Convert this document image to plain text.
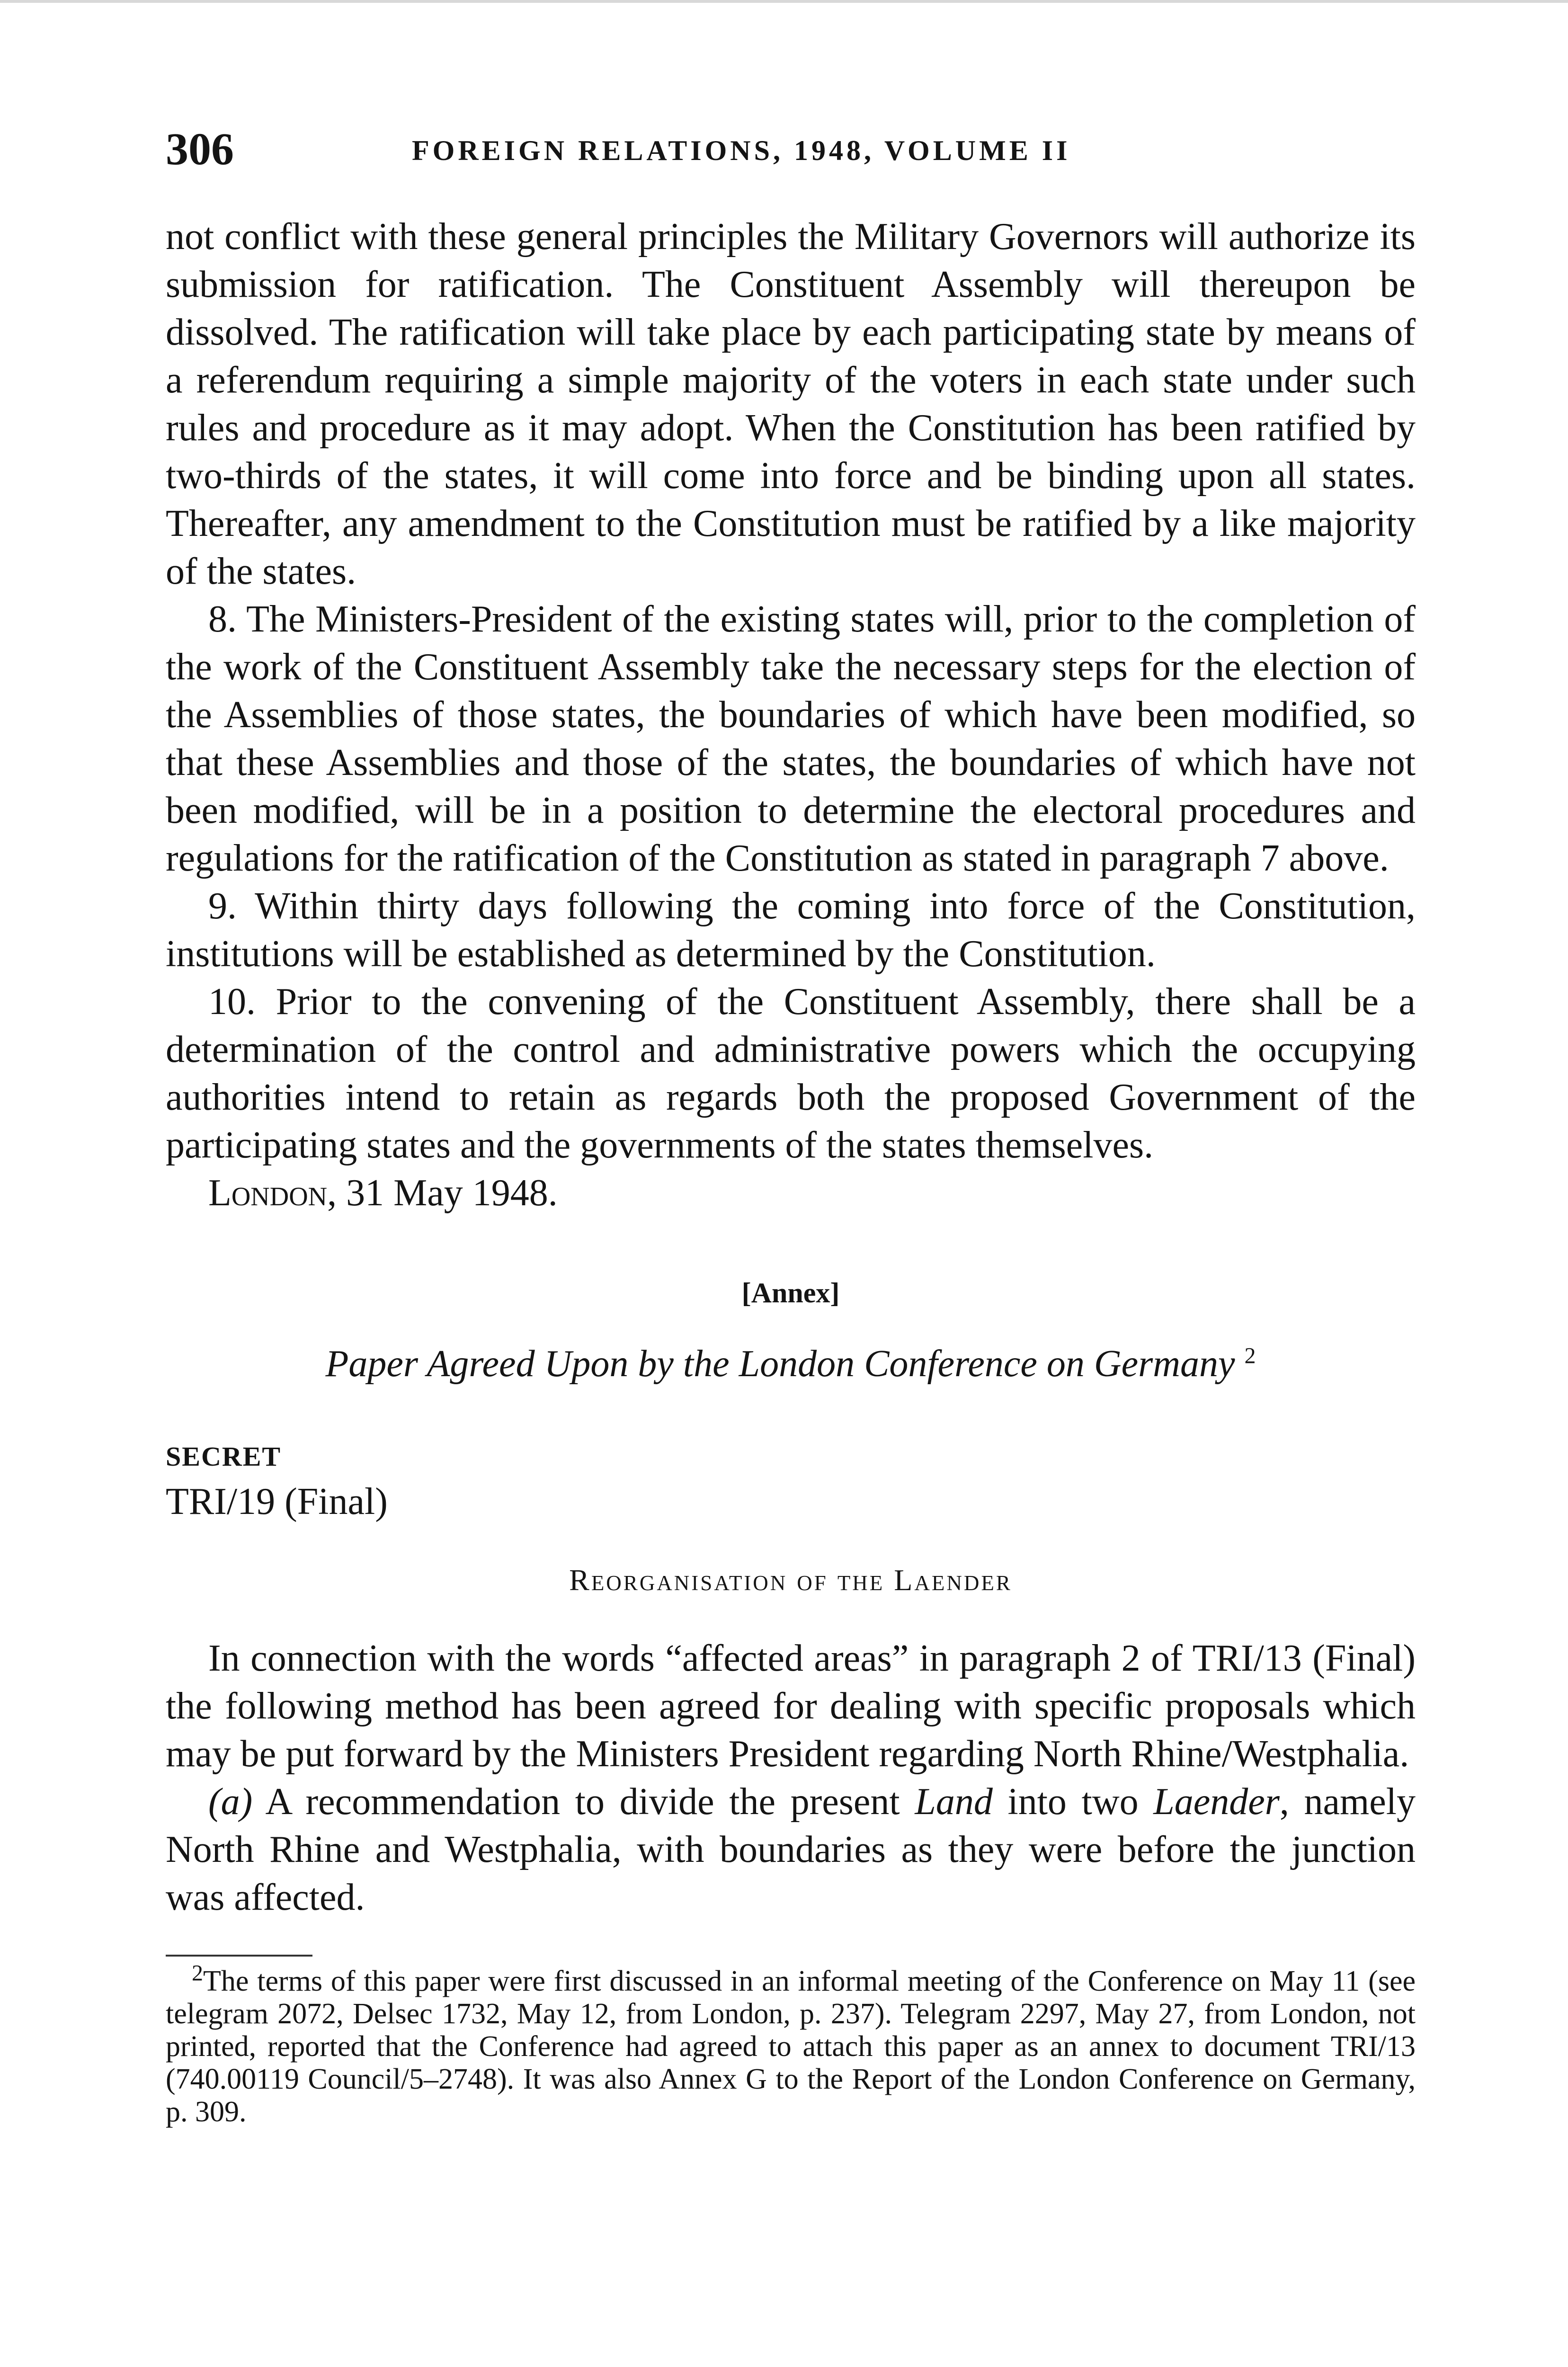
306	FOREIGN RELATIONS, 1948, VOLUME II

not conflict with these general principles the Military Governors will authorize its submission for ratification. The Constituent Assembly will thereupon be dissolved. The ratification will take place by each participating state by means of a referendum requiring a simple majority of the voters in each state under such rules and procedure as it may adopt. When the Constitution has been ratified by two-thirds of the states, it will come into force and be binding upon all states. Thereafter, any amendment to the Constitution must be ratified by a like majority of the states.

8. The Ministers-President of the existing states will, prior to the completion of the work of the Constituent Assembly take the necessary steps for the election of the Assemblies of those states, the boundaries of which have been modified, so that these Assemblies and those of the states, the boundaries of which have not been modified, will be in a position to determine the electoral procedures and regulations for the ratification of the Constitution as stated in paragraph 7 above.

9. Within thirty days following the coming into force of the Constitution, institutions will be established as determined by the Constitution.

10. Prior to the convening of the Constituent Assembly, there shall be a determination of the control and administrative powers which the occupying authorities intend to retain as regards both the proposed Government of the participating states and the governments of the states themselves.

London, 31 May 1948.
[Annex]
Paper Agreed Upon by the London Conference on Germany $^2$
SECRET
TRI/19 (Final)
Reorganisation of the Laender

In connection with the words “affected areas” in paragraph 2 of TRI/13 (Final) the following method has been agreed for dealing with specific proposals which may be put forward by the Ministers President regarding North Rhine/Westphalia.

(a) A recommendation to divide the present Land into two Laender, namely North Rhine and Westphalia, with boundaries as they were before the junction was affected.

$^2$The terms of this paper were first discussed in an informal meeting of the Conference on May 11 (see telegram 2072, Delsec 1732, May 12, from London, p. 237). Telegram 2297, May 27, from London, not printed, reported that the Conference had agreed to attach this paper as an annex to document TRI/13 (740.00119 Council/5–2748). It was also Annex G to the Report of the London Conference on Germany, p. 309.
